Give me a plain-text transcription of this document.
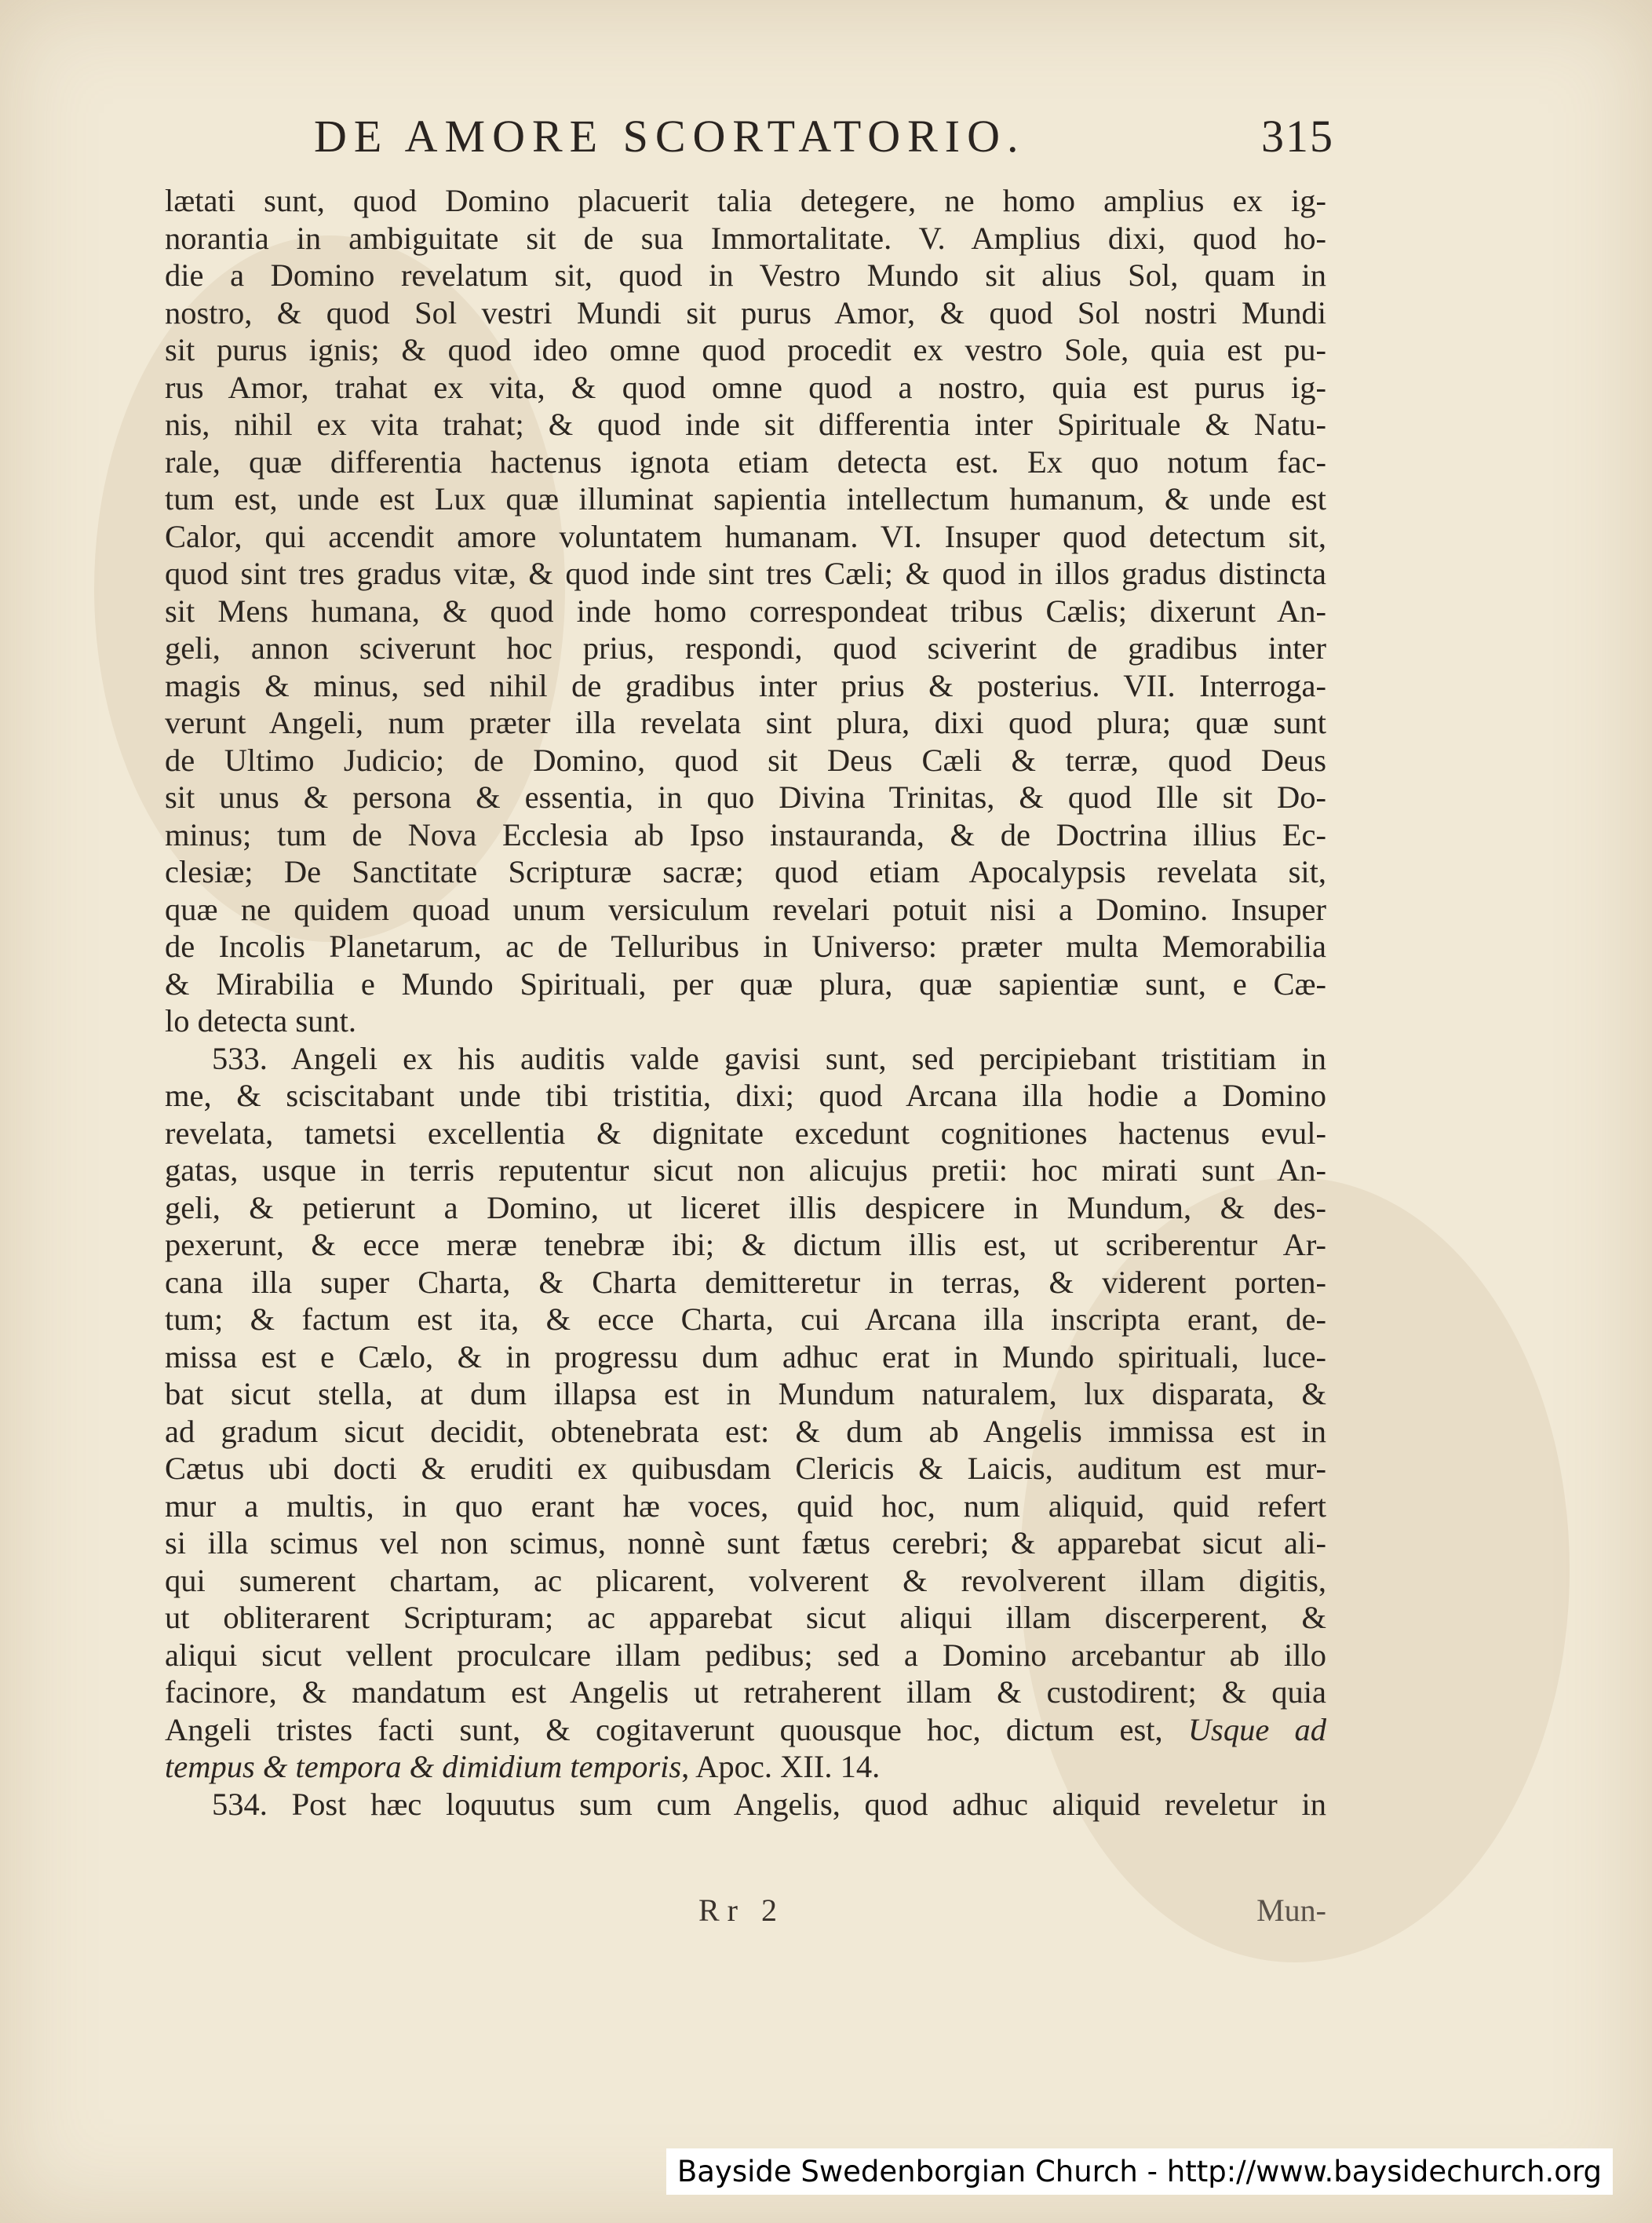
DE AMORE SCORTATORIO.	315
lætati sunt, quod Domino placuerit talia detegere, ne homo amplius ex ig-
norantia in ambiguitate sit de sua Immortalitate. V. Amplius dixi, quod ho-
die a Domino revelatum sit, quod in Vestro Mundo sit alius Sol, quam in
nostro, & quod Sol vestri Mundi sit purus Amor, & quod Sol nostri Mundi
sit purus ignis; & quod ideo omne quod procedit ex vestro Sole, quia est pu-
rus Amor, trahat ex vita, & quod omne quod a nostro, quia est purus ig-
nis, nihil ex vita trahat; & quod inde sit differentia inter Spirituale & Natu-
rale, quæ differentia hactenus ignota etiam detecta est. Ex quo notum fac-
tum est, unde est Lux quæ illuminat sapientia intellectum humanum, & unde est
Calor, qui accendit amore voluntatem humanam. VI. Insuper quod detectum sit,
quod sint tres gradus vitæ, & quod inde sint tres Cæli; & quod in illos gradus distincta
sit Mens humana, & quod inde homo correspondeat tribus Cælis; dixerunt An-
geli, annon sciverunt hoc prius, respondi, quod sciverint de gradibus inter
magis & minus, sed nihil de gradibus inter prius & posterius. VII. Interroga-
verunt Angeli, num præter illa revelata sint plura, dixi quod plura; quæ sunt
de Ultimo Judicio; de Domino, quod sit Deus Cæli & terræ, quod Deus
sit unus & persona & essentia, in quo Divina Trinitas, & quod Ille sit Do-
minus; tum de Nova Ecclesia ab Ipso instauranda, & de Doctrina illius Ec-
clesiæ; De Sanctitate Scripturæ sacræ; quod etiam Apocalypsis revelata sit,
quæ ne quidem quoad unum versiculum revelari potuit nisi a Domino. Insuper
de Incolis Planetarum, ac de Telluribus in Universo: præter multa Memorabilia
& Mirabilia e Mundo Spirituali, per quæ plura, quæ sapientiæ sunt, e Cæ-
lo detecta sunt.
533. Angeli ex his auditis valde gavisi sunt, sed percipiebant tristitiam in
me, & sciscitabant unde tibi tristitia, dixi; quod Arcana illa hodie a Domino
revelata, tametsi excellentia & dignitate excedunt cognitiones hactenus evul-
gatas, usque in terris reputentur sicut non alicujus pretii: hoc mirati sunt An-
geli, & petierunt a Domino, ut liceret illis despicere in Mundum, & des-
pexerunt, & ecce meræ tenebræ ibi; & dictum illis est, ut scriberentur Ar-
cana illa super Charta, & Charta demitteretur in terras, & viderent porten-
tum; & factum est ita, & ecce Charta, cui Arcana illa inscripta erant, de-
missa est e Cælo, & in progressu dum adhuc erat in Mundo spirituali, luce-
bat sicut stella, at dum illapsa est in Mundum naturalem, lux disparata, &
ad gradum sicut decidit, obtenebrata est: & dum ab Angelis immissa est in
Cætus ubi docti & eruditi ex quibusdam Clericis & Laicis, auditum est mur-
mur a multis, in quo erant hæ voces, quid hoc, num aliquid, quid refert
si illa scimus vel non scimus, nonnè sunt fætus cerebri; & apparebat sicut ali-
qui sumerent chartam, ac plicarent, volverent & revolverent illam digitis,
ut obliterarent Scripturam; ac apparebat sicut aliqui illam discerperent, &
aliqui sicut vellent proculcare illam pedibus; sed a Domino arcebantur ab illo
facinore, & mandatum est Angelis ut retraherent illam & custodirent; & quia
Angeli tristes facti sunt, & cogitaverunt quousque hoc, dictum est, Usque ad
tempus & tempora & dimidium temporis, Apoc. XII. 14.
534. Post hæc loquutus sum cum Angelis, quod adhuc aliquid reveletur in
Rr 2	Mun-
Bayside Swedenborgian Church - http://www.baysidechurch.org
